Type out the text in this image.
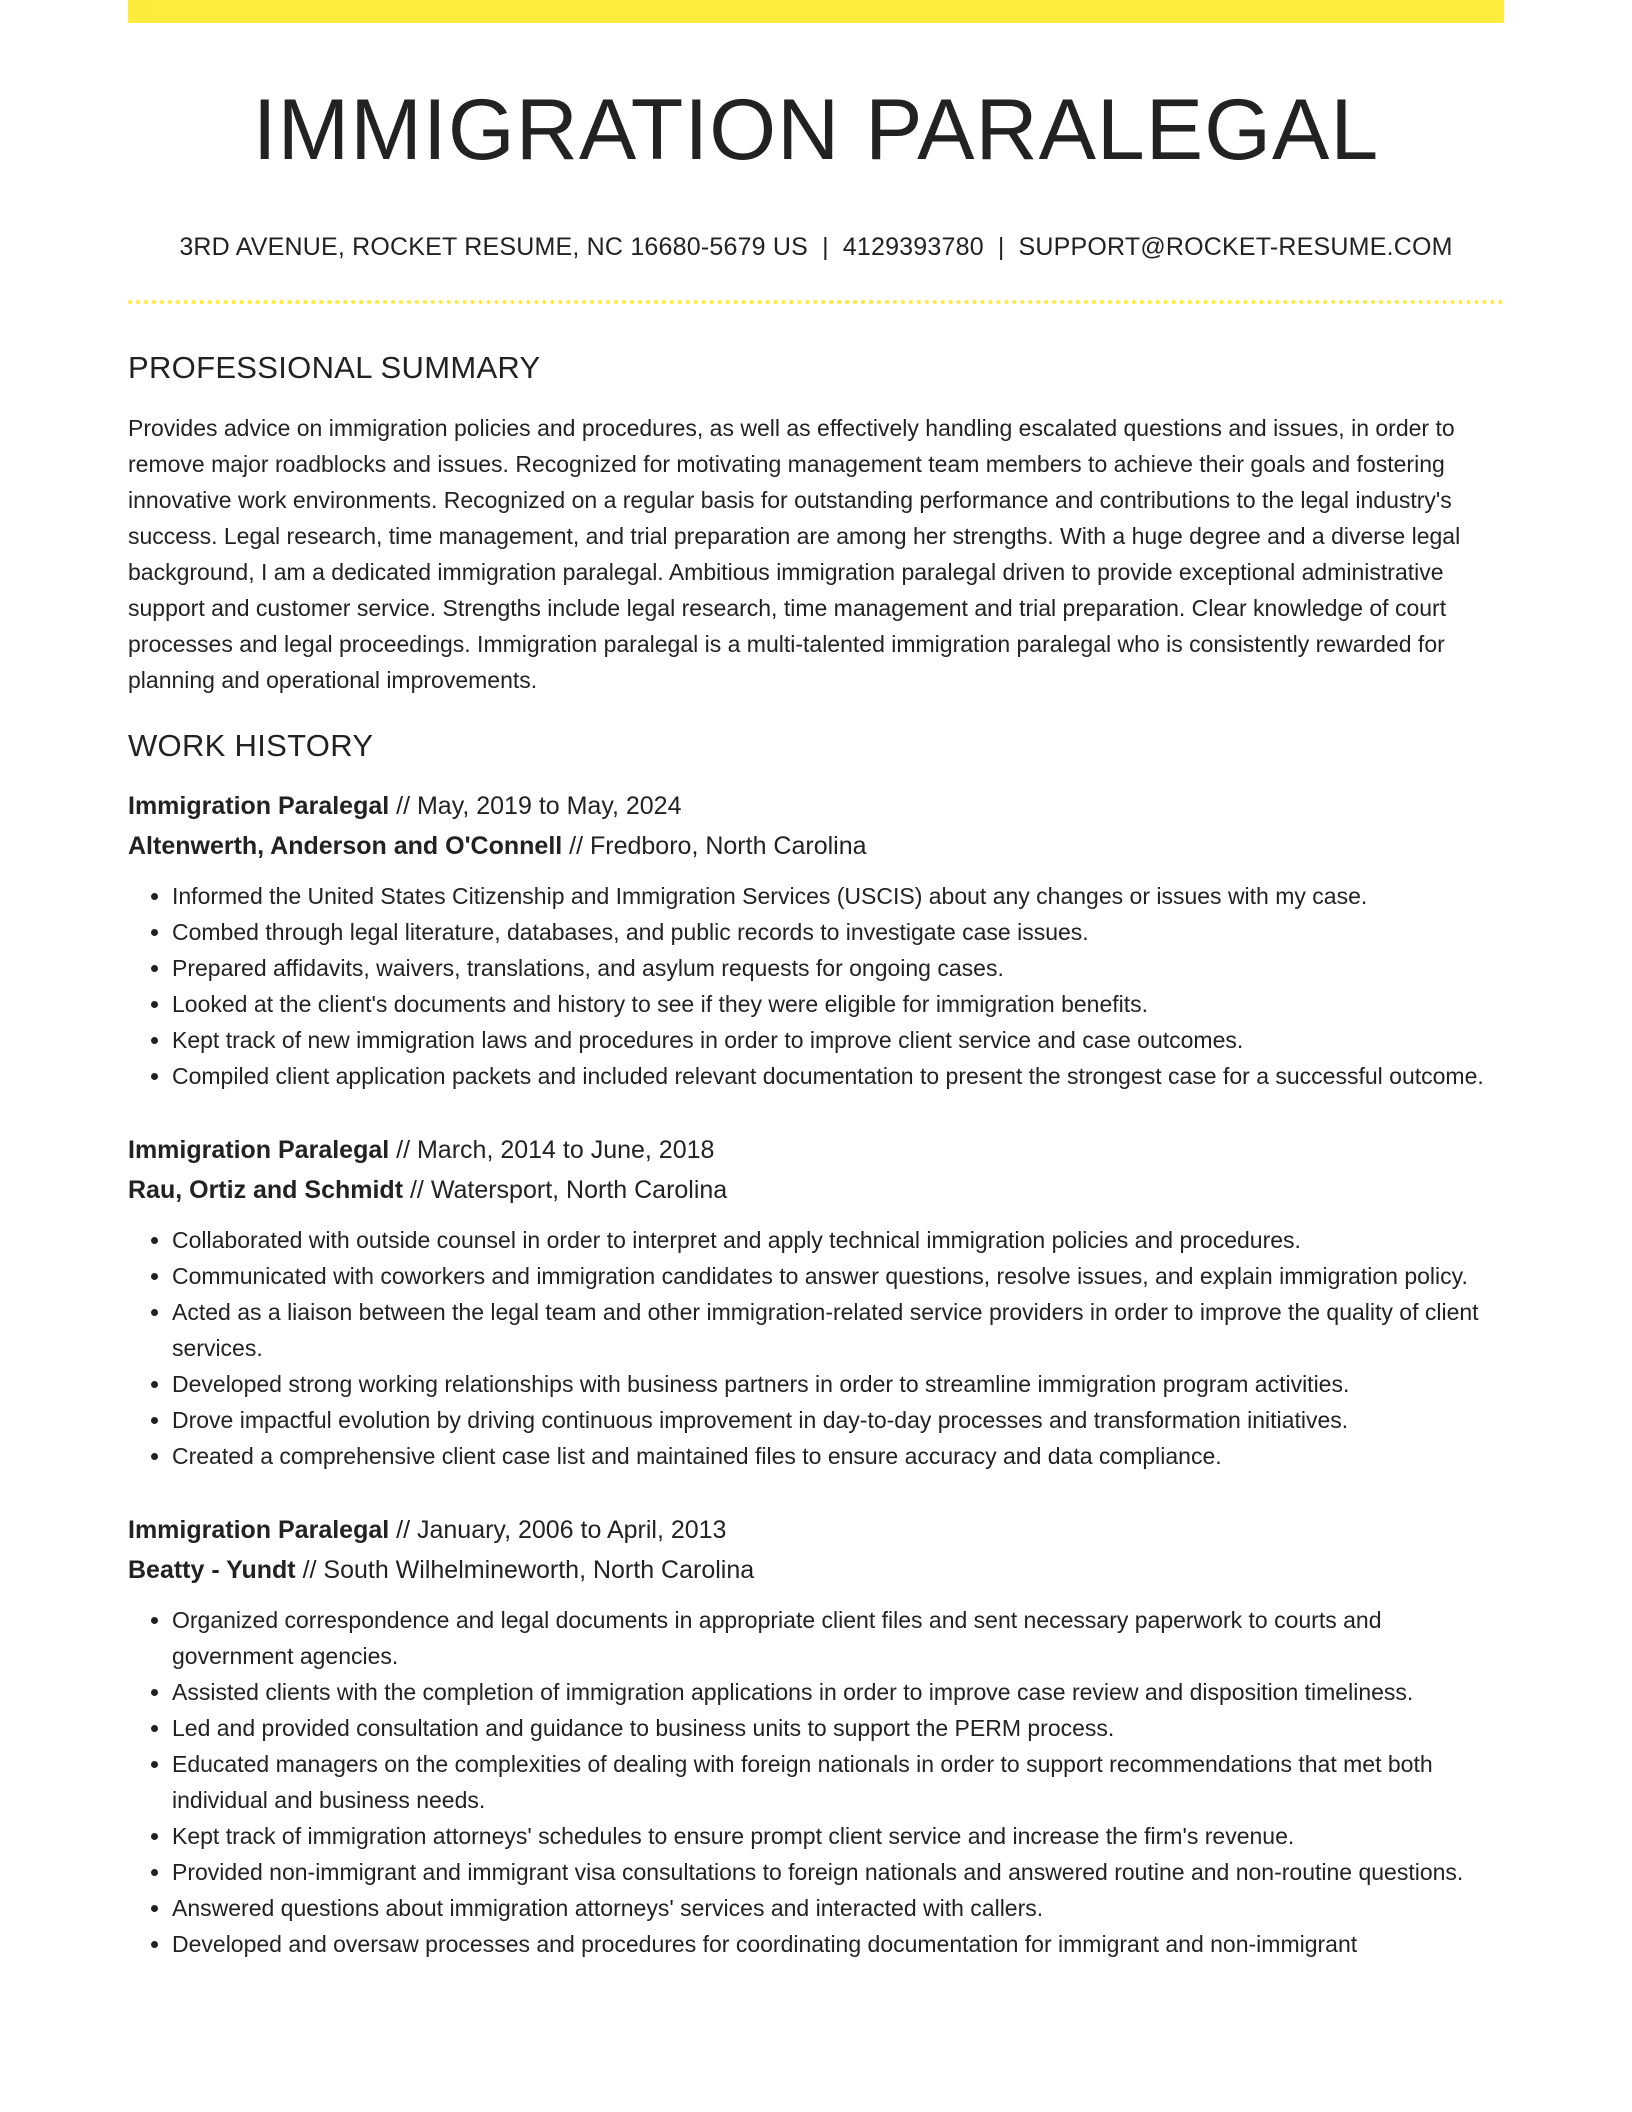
IMMIGRATION PARALEGAL
3RD AVENUE, ROCKET RESUME, NC 16680-5679 US | 4129393780 | SUPPORT@ROCKET-RESUME.COM
PROFESSIONAL SUMMARY
Provides advice on immigration policies and procedures, as well as effectively handling escalated questions and issues, in order to remove major roadblocks and issues. Recognized for motivating management team members to achieve their goals and fostering innovative work environments. Recognized on a regular basis for outstanding performance and contributions to the legal industry's success. Legal research, time management, and trial preparation are among her strengths. With a huge degree and a diverse legal background, I am a dedicated immigration paralegal. Ambitious immigration paralegal driven to provide exceptional administrative support and customer service. Strengths include legal research, time management and trial preparation. Clear knowledge of court processes and legal proceedings. Immigration paralegal is a multi-talented immigration paralegal who is consistently rewarded for planning and operational improvements.
WORK HISTORY
Immigration Paralegal // May, 2019 to May, 2024
Altenwerth, Anderson and O'Connell // Fredboro, North Carolina
• Informed the United States Citizenship and Immigration Services (USCIS) about any changes or issues with my case.
• Combed through legal literature, databases, and public records to investigate case issues.
• Prepared affidavits, waivers, translations, and asylum requests for ongoing cases.
• Looked at the client's documents and history to see if they were eligible for immigration benefits.
• Kept track of new immigration laws and procedures in order to improve client service and case outcomes.
• Compiled client application packets and included relevant documentation to present the strongest case for a successful outcome.
Immigration Paralegal // March, 2014 to June, 2018
Rau, Ortiz and Schmidt // Watersport, North Carolina
• Collaborated with outside counsel in order to interpret and apply technical immigration policies and procedures.
• Communicated with coworkers and immigration candidates to answer questions, resolve issues, and explain immigration policy.
• Acted as a liaison between the legal team and other immigration-related service providers in order to improve the quality of client services.
• Developed strong working relationships with business partners in order to streamline immigration program activities.
• Drove impactful evolution by driving continuous improvement in day-to-day processes and transformation initiatives.
• Created a comprehensive client case list and maintained files to ensure accuracy and data compliance.
Immigration Paralegal // January, 2006 to April, 2013
Beatty - Yundt // South Wilhelmineworth, North Carolina
• Organized correspondence and legal documents in appropriate client files and sent necessary paperwork to courts and government agencies.
• Assisted clients with the completion of immigration applications in order to improve case review and disposition timeliness.
• Led and provided consultation and guidance to business units to support the PERM process.
• Educated managers on the complexities of dealing with foreign nationals in order to support recommendations that met both individual and business needs.
• Kept track of immigration attorneys' schedules to ensure prompt client service and increase the firm's revenue.
• Provided non-immigrant and immigrant visa consultations to foreign nationals and answered routine and non-routine questions.
• Answered questions about immigration attorneys' services and interacted with callers.
• Developed and oversaw processes and procedures for coordinating documentation for immigrant and non-immigrant
